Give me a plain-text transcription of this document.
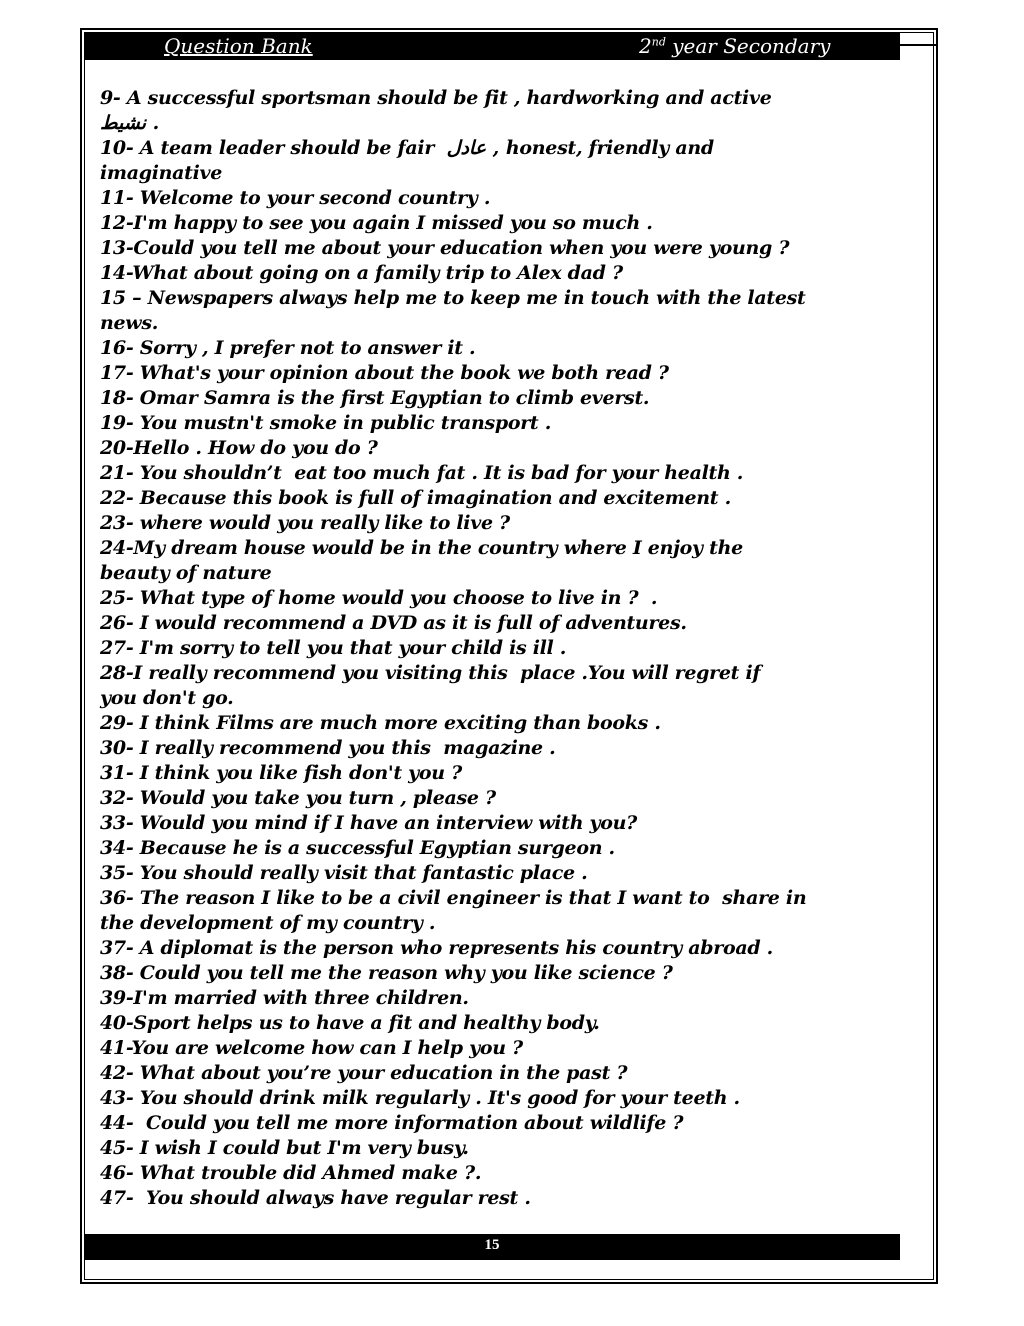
Question Bank	2nd year Secondary
9- A successful sportsman should be fit , hardworking and active
نشيط .
10- A team leader should be fair  عادل , honest, friendly and
imaginative
11- Welcome to your second country .
12-I'm happy to see you again I missed you so much .
13-Could you tell me about your education when you were young ?
14-What about going on a family trip to Alex dad ?
15 – Newspapers always help me to keep me in touch with the latest
news.
16- Sorry , I prefer not to answer it .
17- What's your opinion about the book we both read ?
18- Omar Samra is the first Egyptian to climb everst.
19- You mustn't smoke in public transport .
20-Hello . How do you do ?
21- You shouldn’t  eat too much fat . It is bad for your health .
22- Because this book is full of imagination and excitement .
23- where would you really like to live ?
24-My dream house would be in the country where I enjoy the
beauty of nature
25- What type of home would you choose to live in ?  .
26- I would recommend a DVD as it is full of adventures.
27- I'm sorry to tell you that your child is ill .
28-I really recommend you visiting this  place .You will regret if
you don't go.
29- I think Films are much more exciting than books .
30- I really recommend you this  magazine .
31- I think you like fish don't you ?
32- Would you take you turn , please ?
33- Would you mind if I have an interview with you?
34- Because he is a successful Egyptian surgeon .
35- You should really visit that fantastic place .
36- The reason I like to be a civil engineer is that I want to  share in
the development of my country .
37- A diplomat is the person who represents his country abroad .
38- Could you tell me the reason why you like science ?
39-I'm married with three children.
40-Sport helps us to have a fit and healthy body.
41-You are welcome how can I help you ?
42- What about you’re your education in the past ?
43- You should drink milk regularly . It's good for your teeth .
44-  Could you tell me more information about wildlife ?
45- I wish I could but I'm very busy.
46- What trouble did Ahmed make ?.
47-  You should always have regular rest .
15
